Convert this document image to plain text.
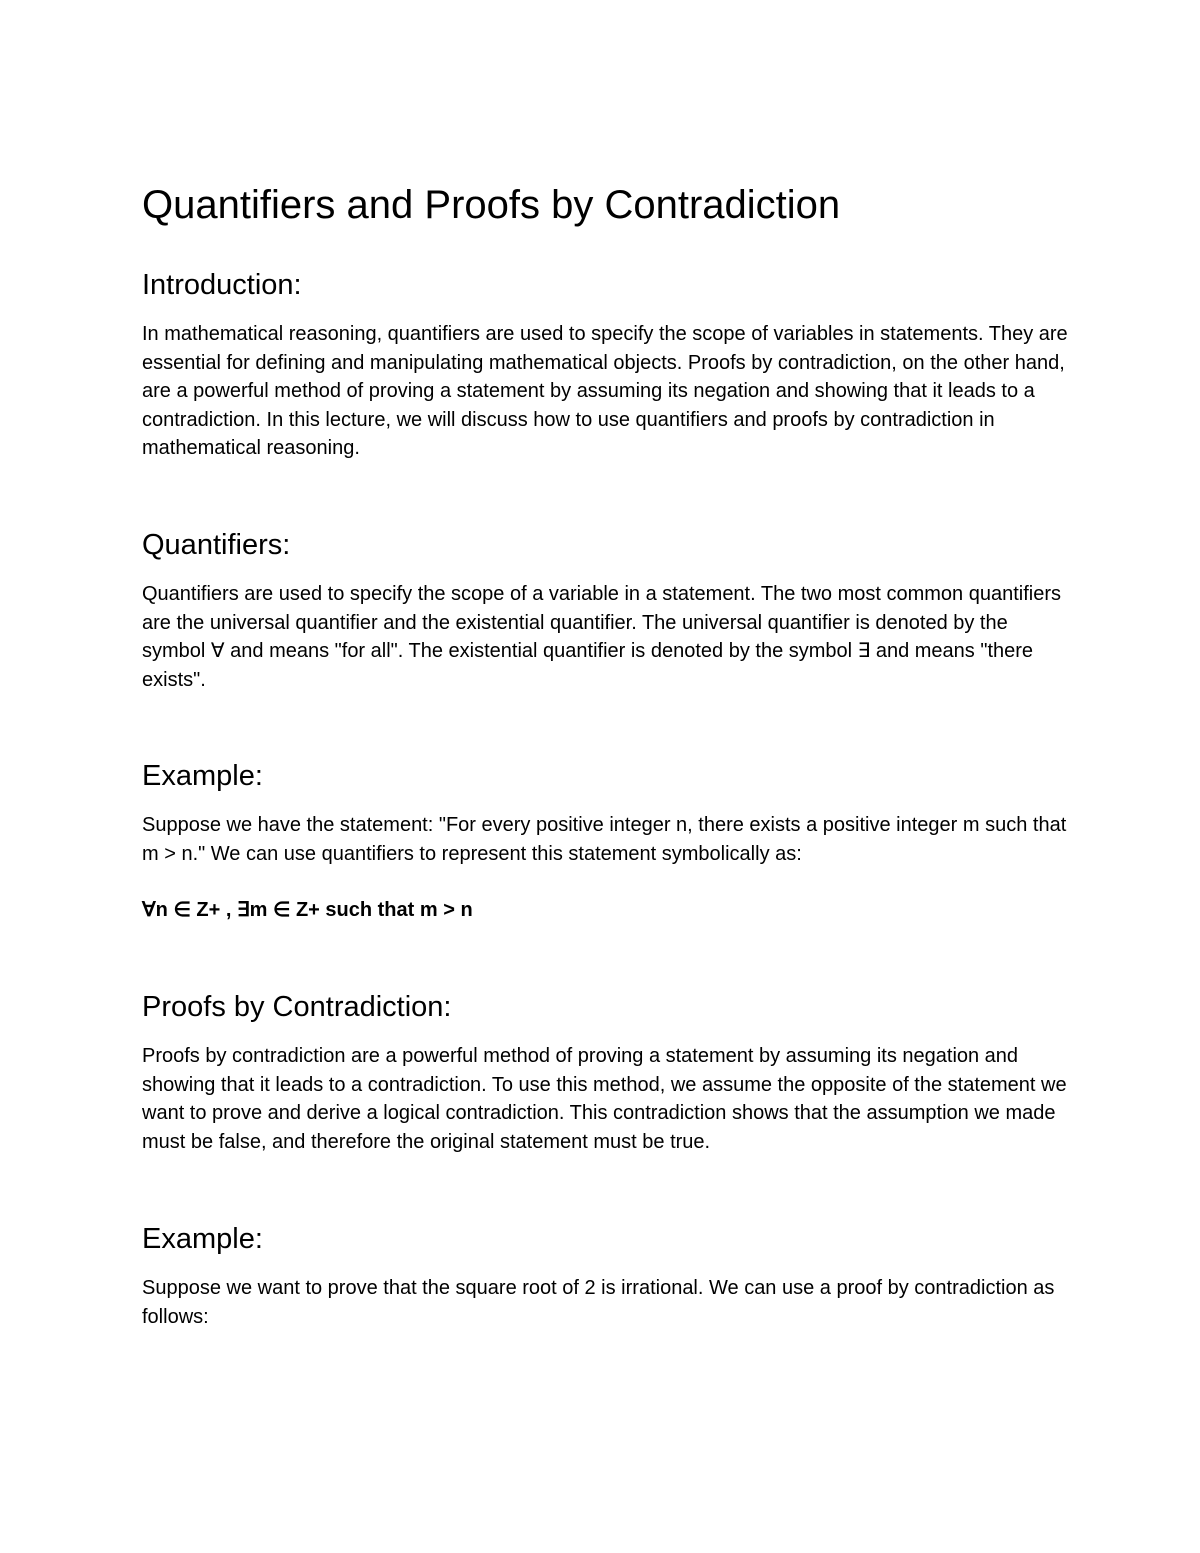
Quantifiers and Proofs by Contradiction
Introduction:

In mathematical reasoning, quantifiers are used to specify the scope of variables in statements. They are essential for defining and manipulating mathematical objects. Proofs by contradiction, on the other hand, are a powerful method of proving a statement by assuming its negation and showing that it leads to a contradiction. In this lecture, we will discuss how to use quantifiers and proofs by contradiction in mathematical reasoning.

Quantifiers:

Quantifiers are used to specify the scope of a variable in a statement. The two most common quantifiers are the universal quantifier and the existential quantifier. The universal quantifier is denoted by the symbol ∀ and means "for all". The existential quantifier is denoted by the symbol ∃ and means "there exists".

Example:

Suppose we have the statement: "For every positive integer n, there exists a positive integer m such that m > n." We can use quantifiers to represent this statement symbolically as:

∀n ∈ Z+ , ∃m ∈ Z+ such that m > n

Proofs by Contradiction:

Proofs by contradiction are a powerful method of proving a statement by assuming its negation and showing that it leads to a contradiction. To use this method, we assume the opposite of the statement we want to prove and derive a logical contradiction. This contradiction shows that the assumption we made must be false, and therefore the original statement must be true.

Example:

Suppose we want to prove that the square root of 2 is irrational. We can use a proof by contradiction as follows:
